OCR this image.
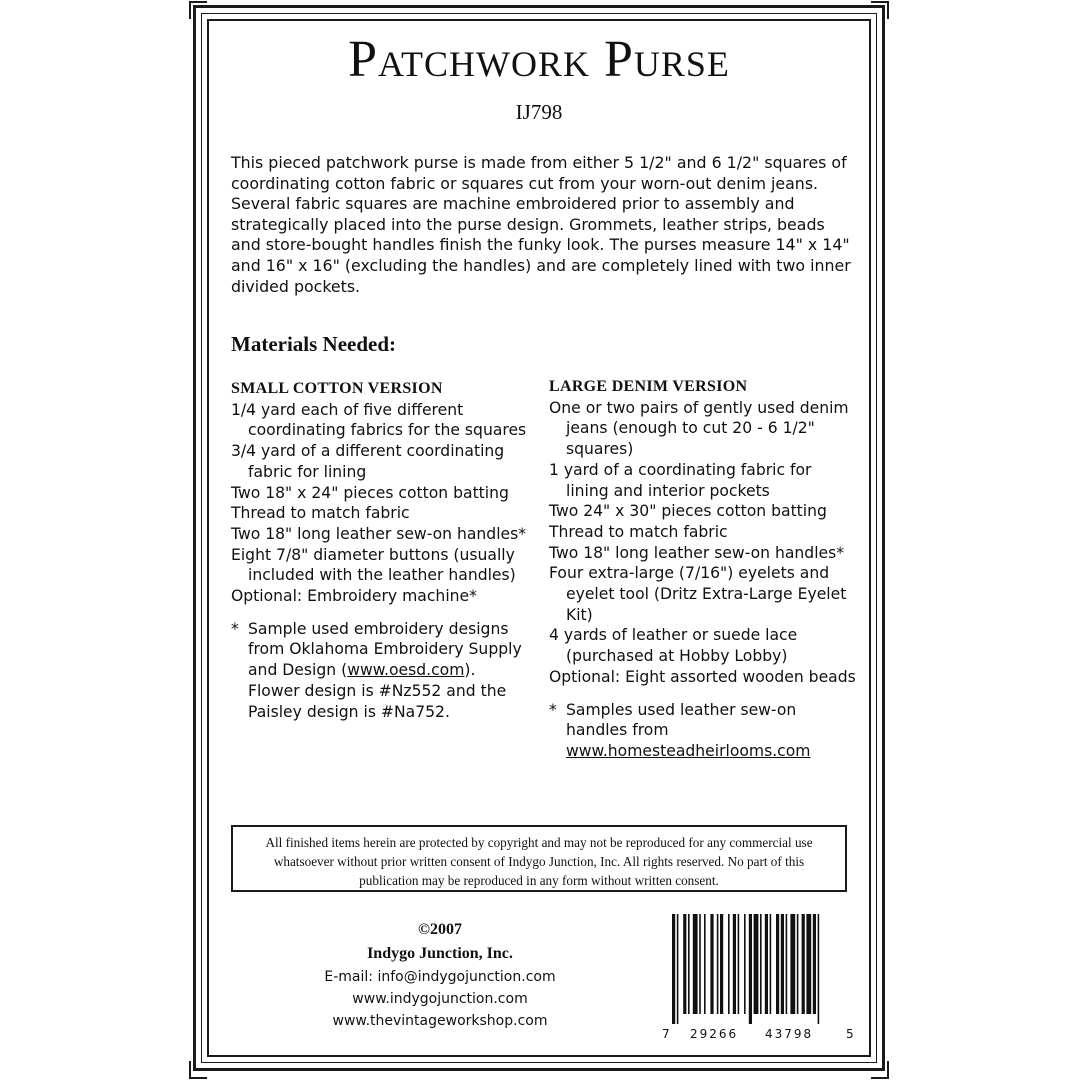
Patchwork Purse
IJ798

This pieced patchwork purse is made from either 5 1/2" and 6 1/2" squares of coordinating cotton fabric or squares cut from your worn-out denim jeans. Several fabric squares are machine embroidered prior to assembly and strategically placed into the purse design. Grommets, leather strips, beads and store-bought handles finish the funky look. The purses measure 14" x 14" and 16" x 16" (excluding the handles) and are completely lined with two inner divided pockets.

Materials Needed:
SMALL COTTON VERSION
1/4 yard each of five different coordinating fabrics for the squares
3/4 yard of a different coordinating fabric for lining
Two 18" x 24" pieces cotton batting
Thread to match fabric
Two 18" long leather sew-on handles*
Eight 7/8" diameter buttons (usually included with the leather handles)
Optional: Embroidery machine*
* Sample used embroidery designs from Oklahoma Embroidery Supply and Design (www.oesd.com). Flower design is #Nz552 and the Paisley design is #Na752.
LARGE DENIM VERSION
One or two pairs of gently used denim jeans (enough to cut 20 - 6 1/2" squares)
1 yard of a coordinating fabric for lining and interior pockets
Two 24" x 30" pieces cotton batting
Thread to match fabric
Two 18" long leather sew-on handles*
Four extra-large (7/16") eyelets and eyelet tool (Dritz Extra-Large Eyelet Kit)
4 yards of leather or suede lace (purchased at Hobby Lobby)
Optional: Eight assorted wooden beads
* Samples used leather sew-on handles from
www.homesteadheirlooms.com
All finished items herein are protected by copyright and may not be reproduced for any commercial use whatsoever without prior written consent of Indygo Junction, Inc. All rights reserved. No part of this publication may be reproduced in any form without written consent.
©2007
Indygo Junction, Inc.
E-mail: info@indygojunction.com
www.indygojunction.com
www.thevintageworkshop.com
7 29266 43798	5
